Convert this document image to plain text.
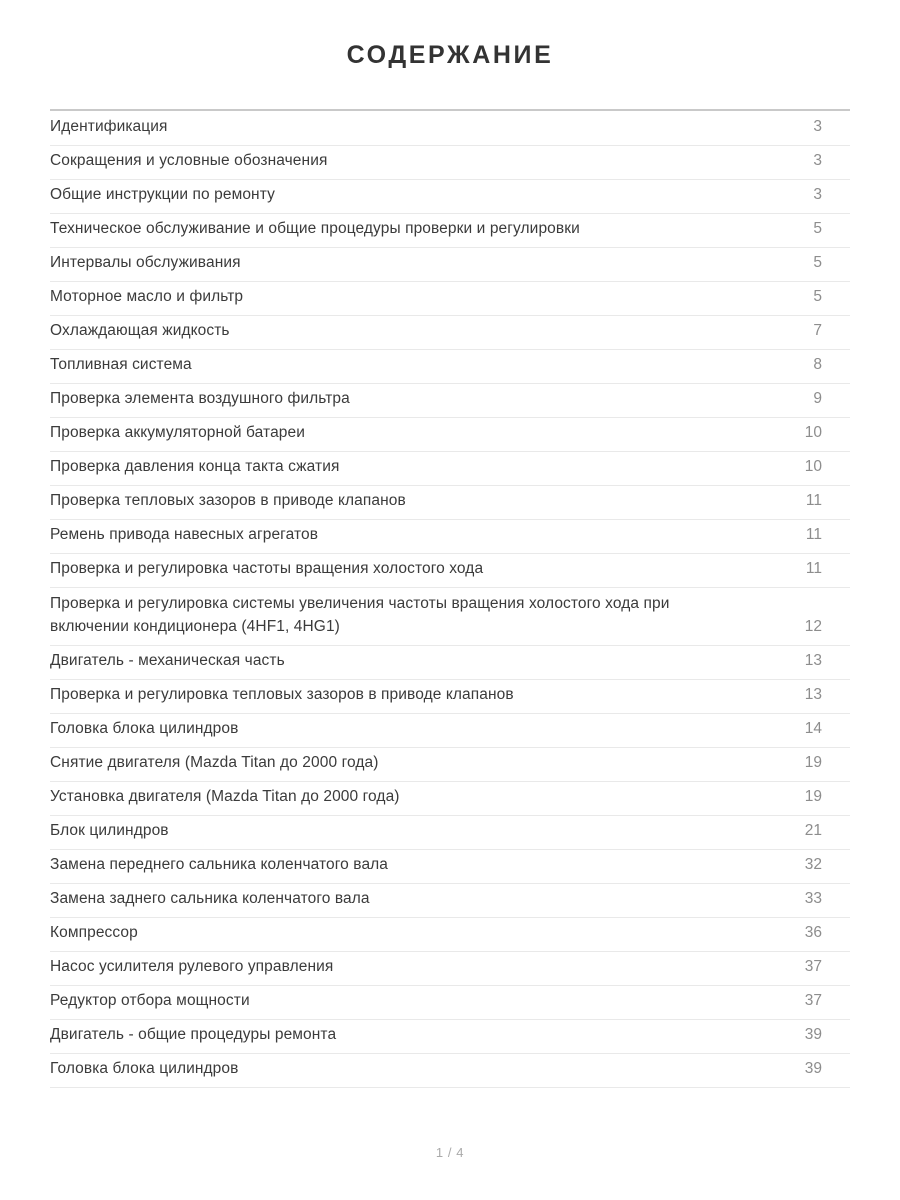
СОДЕРЖАНИЕ
Идентификация	3
Сокращения и условные обозначения	3
Общие инструкции по ремонту	3
Техническое обслуживание и общие процедуры проверки и регулировки	5
Интервалы обслуживания	5
Моторное масло и фильтр	5
Охлаждающая жидкость	7
Топливная система	8
Проверка элемента воздушного фильтра	9
Проверка аккумуляторной батареи	10
Проверка давления конца такта сжатия	10
Проверка тепловых зазоров в приводе клапанов	11
Ремень привода навесных агрегатов	11
Проверка и регулировка частоты вращения холостого хода	11
Проверка и регулировка системы увеличения частоты вращения холостого хода при включении кондиционера (4HF1, 4HG1)	12
Двигатель - механическая часть	13
Проверка и регулировка тепловых зазоров в приводе клапанов	13
Головка блока цилиндров	14
Снятие двигателя (Mazda Titan до 2000 года)	19
Установка двигателя (Mazda Titan до 2000 года)	19
Блок цилиндров	21
Замена переднего сальника коленчатого вала	32
Замена заднего сальника коленчатого вала	33
Компрессор	36
Насос усилителя рулевого управления	37
Редуктор отбора мощности	37
Двигатель - общие процедуры ремонта	39
Головка блока цилиндров	39
1 / 4
